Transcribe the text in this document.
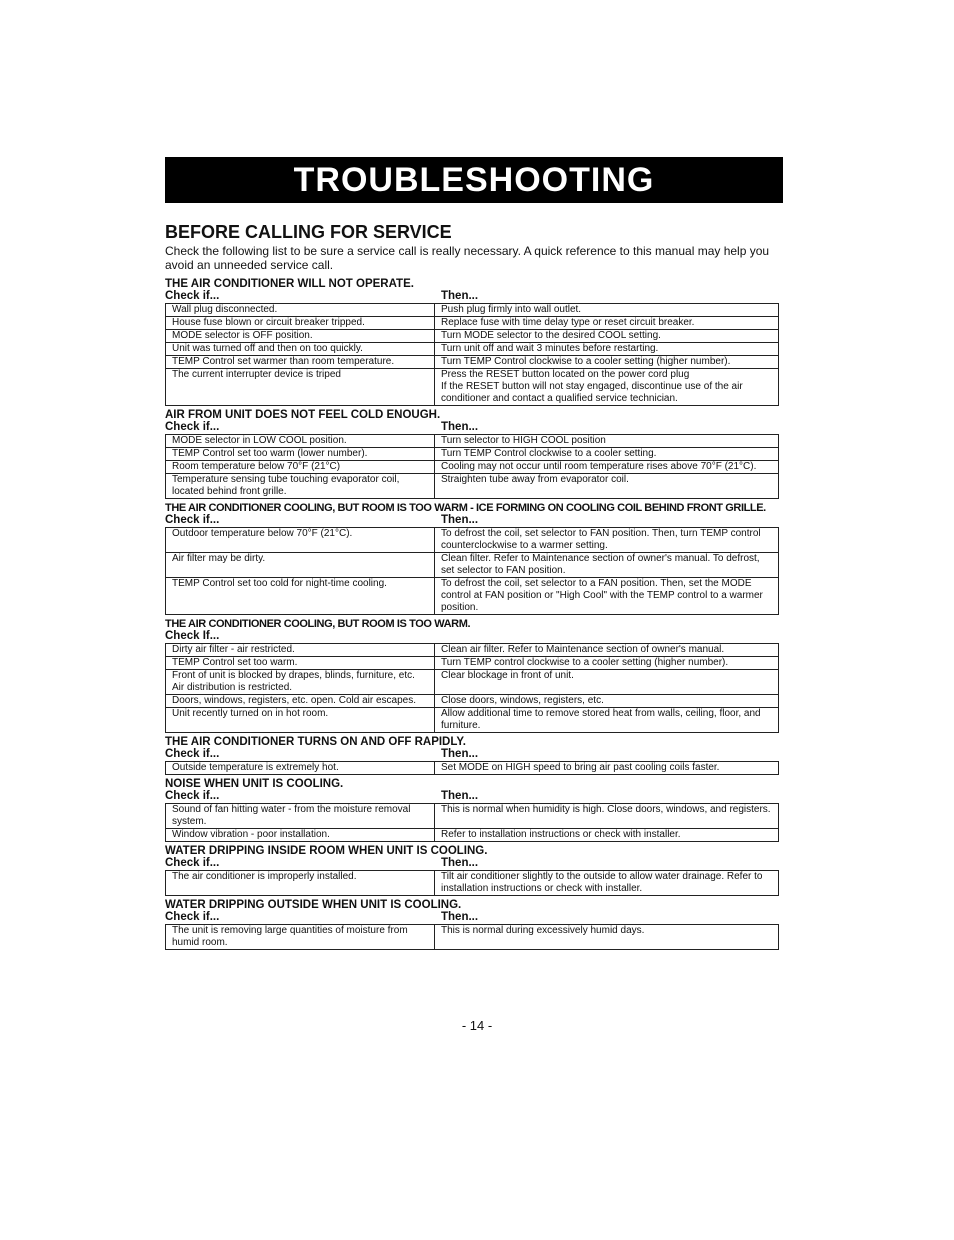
TROUBLESHOOTING
BEFORE CALLING FOR SERVICE
Check the following list to be sure a service call is really necessary. A quick reference to this manual may help you avoid an unneeded service call.
THE AIR CONDITIONER WILL NOT OPERATE.
Check if...	Then...
Wall plug disconnected.	Push plug firmly into wall outlet.
House fuse blown or circuit breaker tripped.	Replace fuse with time delay type or reset circuit breaker.
MODE selector is OFF position.	Turn MODE selector to the desired COOL setting.
Unit was turned off and then on too quickly.	Turn unit off and wait 3 minutes before restarting.
TEMP Control set warmer than room temperature.	Turn TEMP Control clockwise to a cooler setting (higher number).
The current interrupter device is triped	Press the RESET button located on the power cord plug
If the RESET button will not stay engaged, discontinue use of the air conditioner and contact a qualified service technician.
AIR FROM UNIT DOES NOT FEEL COLD ENOUGH.
Check if...	Then...
MODE selector in LOW COOL position.	Turn selector to HIGH COOL position
TEMP Control set too warm (lower number).	Turn TEMP Control clockwise to a cooler setting.
Room temperature below 70°F (21°C)	Cooling may not occur until room temperature rises above 70°F (21°C).
Temperature sensing tube touching evaporator coil, located behind front grille.	Straighten tube away from evaporator coil.
THE AIR CONDITIONER COOLING, BUT ROOM IS TOO WARM - ICE FORMING ON COOLING COIL BEHIND FRONT GRILLE.
Check if...	Then...
Outdoor temperature below 70°F (21°C).	To defrost the coil, set selector to FAN position. Then, turn TEMP control counterclockwise to a warmer setting.
Air filter may be dirty.	Clean filter. Refer to Maintenance section of owner's manual. To defrost, set selector to FAN position.
TEMP Control set too cold for night-time cooling.	To defrost the coil, set selector to a FAN position. Then, set the MODE control at FAN position or "High Cool" with the TEMP control to a warmer position.
THE AIR CONDITIONER COOLING, BUT ROOM IS TOO WARM.
Check If...
Dirty air filter - air restricted.	Clean air filter. Refer to Maintenance section of owner's manual.
TEMP Control set too warm.	Turn TEMP control clockwise to a cooler setting (higher number).
Front of unit is blocked by drapes, blinds, furniture, etc. Air distribution is restricted.	Clear blockage in front of unit.
Doors, windows, registers, etc. open. Cold air escapes.	Close doors, windows, registers, etc.
Unit recently turned on in hot room.	Allow additional time to remove stored heat from walls, ceiling, floor, and furniture.
THE AIR CONDITIONER TURNS ON AND OFF RAPIDLY.
Check if...	Then...
Outside temperature is extremely hot.	Set MODE on HIGH speed to bring air past cooling coils faster.
NOISE WHEN UNIT IS COOLING.
Check if...	Then...
Sound of fan hitting water - from the moisture removal system.	This is normal when humidity is high. Close doors, windows, and registers.
Window vibration - poor installation.	Refer to installation instructions or check with installer.
WATER DRIPPING INSIDE ROOM WHEN UNIT IS COOLING.
Check if...	Then...
The air conditioner is improperly installed.	Tilt air conditioner slightly to the outside to allow water drainage. Refer to installation instructions or check with installer.
WATER DRIPPING OUTSIDE WHEN UNIT IS COOLING.
Check if...	Then...
The unit is removing large quantities of moisture from humid room.	This is normal during excessively humid days.
- 14 -
